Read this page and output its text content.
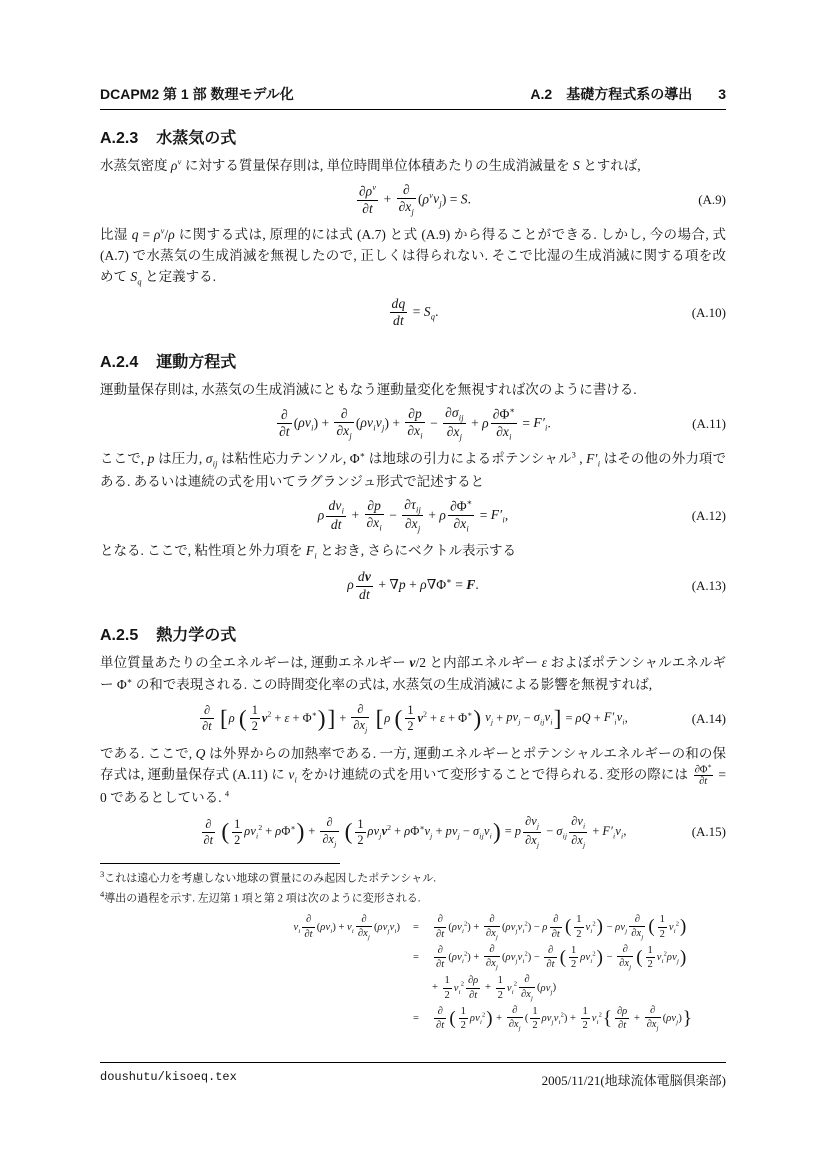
DCAPM2 第 1 部 数理モデル化	A.2　基礎方程式系の導出 3
A.2.3 水蒸気の式

水蒸気密度 $\rho^v$ に対する質量保存則は, 単位時間単位体積あたりの生成消滅量を S とすれば,

$\frac{\partial\rho^v}{\partial t} + \frac{\partial}{\partial x_j} (\rho^vv_j) = S$.	(A.9)

比湿 $q = \rho^v/\rho$ に関する式は, 原理的には式 (A.7) と式 (A.9) から得ることができる. しかし, 今の場合, 式 (A.7) で水蒸気の生成消滅を無視したので, 正しくは得られない. そこで比湿の生成消滅に関する項を改めて $S_q$ と定義する.

$\frac{dq}{dt} = S_q$.	(A.10)
A.2.4 運動方程式

運動量保存則は, 水蒸気の生成消滅にともなう運動量変化を無視すれば次のように書ける.

$\frac{\partial}{\partial t} (\rho v_i) + \frac{\partial}{\partial x_j} (\rho v_iv_j) + \frac{\partial p}{\partial x_i} - \frac{\partial\sigma_{ij}}{\partial x_j} + \rho \frac{\partial\Phi^∗}{\partial x_i} = F'_i$.	(A.11)

ここで, p は圧力, $\sigma_{ij}$ は粘性応力テンソル, Φ∗ は地球の引力によるポテンシャル$^3$ , $F'_i$ はその他の外力項である. あるいは連続の式を用いてラグランジュ形式で記述すると

ρ $\frac{dv_i}{dt} + \frac{\partial p}{\partial x_i} - \frac{\partial\tau_{ij}}{\partial x_j} + \rho \frac{\partial\Phi^∗}{\partial x_i} = F'_i$,	(A.12)

となる. ここで, 粘性項と外力項を $F_i$ とおき, さらにベクトル表示する

ρ $\frac{dv}{dt} + \nabla p + \rho\nabla\Phi^∗ = F$.	(A.13)
A.2.5 熱力学の式

単位質量あたりの全エネルギーは, 運動エネルギー v/2 と内部エネルギー ε およぼポテンシャルエネルギー Φ∗ の和で表現される. この時間変化率の式は, 水蒸気の生成消滅による影響を無視すれば,

$\frac{\partial}{\partial t} [\rho$ ( $\frac{1}{2} v^2 + \varepsilon + \Phi^∗)] + \frac{\partial}{\partial x_j} [\rho$ ( $\frac{1}{2} v^2 + \varepsilon + \Phi^∗$) $v_j + pv_j - \sigma_{ij}v_i] = \rho Q + F'_iv_i$,	(A.14)

である. ここで, Q は外界からの加熱率である. 一方, 運動エネルギーとポテンシャルエネルギーの和の保存式は, 運動量保存式 (A.11) に $v_i$ をかけ連続の式を用いて変形することで得られる. 変形の際には $\frac{\partial\Phi^∗}{\partial t} = 0$ であるとしている. $^4$

$\frac{\partial}{\partial t}$ ( $\frac{1}{2} \rho v_i^2 + \rho\Phi^∗) + \frac{\partial}{\partial x_j}$ ( $\frac{1}{2} \rho v_jv^2 + \rho\Phi^∗v_j + pv_j - \sigma_{ij}v_i) = p \frac{\partial v_j}{\partial x_j} - \sigma_{ij} \frac{\partial v_i}{\partial x_j} + F'_iv_i$,	(A.15)
$^3$これは遠心力を考慮しない地球の質量にのみ起因したポテンシャル.
$^4$導出の過程を示す. 左辺第 1 項と第 2 項は次のように変形される.
$v_i \frac{\partial}{\partial t} (\rho v_i) + v_i \frac{\partial}{\partial x_j} (\rho v_jv_i)$	=	$\frac{\partial}{\partial t} (\rho v_i^2) + \frac{\partial}{\partial x_j} (\rho v_jv_i^2) - \rho \frac{\partial}{\partial t}$ ( $\frac{1}{2} v_i^2) - \rho v_j \frac{\partial}{\partial x_j}$ ( $\frac{1}{2} v_i^2$)
=	$\frac{\partial}{\partial t} (\rho v_i^2) + \frac{\partial}{\partial x_j} (\rho v_jv_i^2) - \frac{\partial}{\partial t}$ ( $\frac{1}{2} \rho v_i^2) - \frac{\partial}{\partial x_j}$ ( $\frac{1}{2} v_i^2\rho v_j$)
+ $\frac{1}{2} v_i^2 \frac{\partial\rho}{\partial t} + \frac{1}{2} v_i^2 \frac{\partial}{\partial x_j} (\rho v_j)$
=	$\frac{\partial}{\partial t}$ ( $\frac{1}{2} \rho v_i^2) + \frac{\partial}{\partial x_j}$ ( $\frac{1}{2} \rho v_jv_i^2) + \frac{1}{2} v_i^2\{ \frac{\partial\rho}{\partial t} + \frac{\partial}{\partial x_j} (\rho v_j)\}$
doushutu/kisoeq.tex	2005/11/21(地球流体電脳倶楽部)
